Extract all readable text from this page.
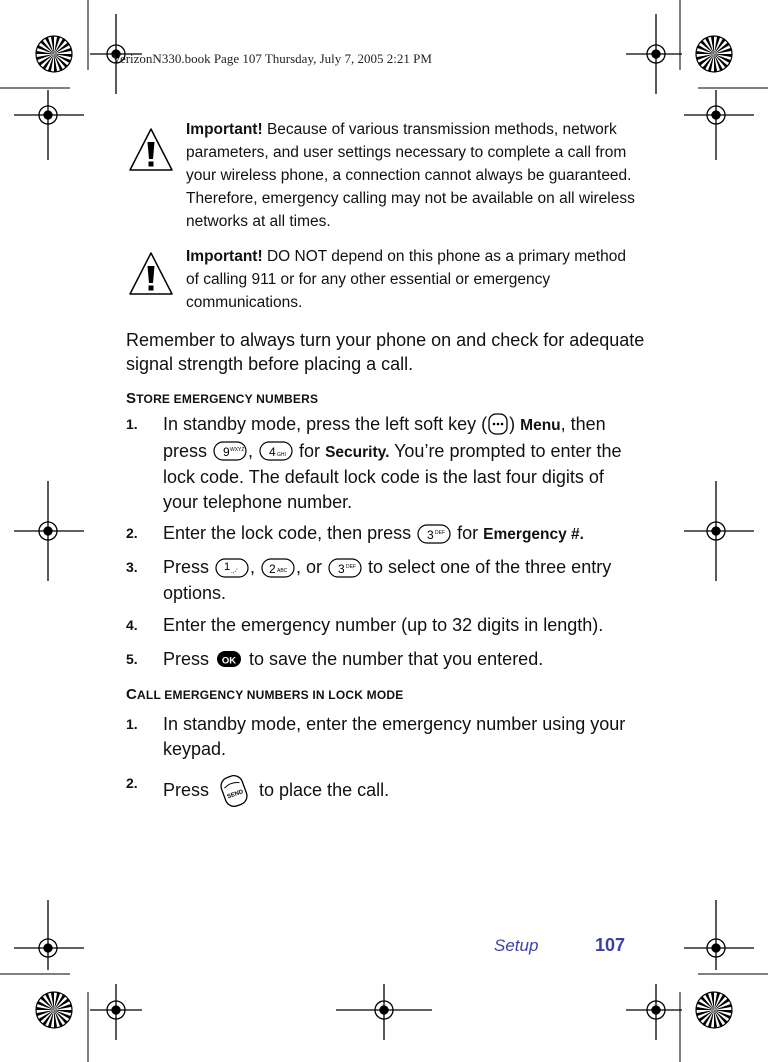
VerizonN330.book Page 107 Thursday, July 7, 2005 2:21 PM
Important! Because of various transmission methods, network parameters, and user settings necessary to complete a call from your wireless phone, a connection cannot always be guaranteed. Therefore, emergency calling may not be available on all wireless networks at all times.
Important! DO NOT depend on this phone as a primary method of calling 911 or for any other essential or emergency communications.
Remember to always turn your phone on and check for adequate signal strength before placing a call.
STORE EMERGENCY NUMBERS
1. In standby mode, press the left soft key ( ) Menu, then press 9 WXYZ , 4 GHI for Security. You’re prompted to enter the lock code. The default lock code is the last four digits of your telephone number.
2. Enter the lock code, then press 3 DEF for Emergency #.
3. Press 1 .,-' , 2 ABC , or 3 DEF to select one of the three entry options.
4. Enter the emergency number (up to 32 digits in length).
5. Press OK to save the number that you entered.
CALL EMERGENCY NUMBERS IN LOCK MODE
1. In standby mode, enter the emergency number using your keypad.
2. Press SEND to place the call.
Setup	107
